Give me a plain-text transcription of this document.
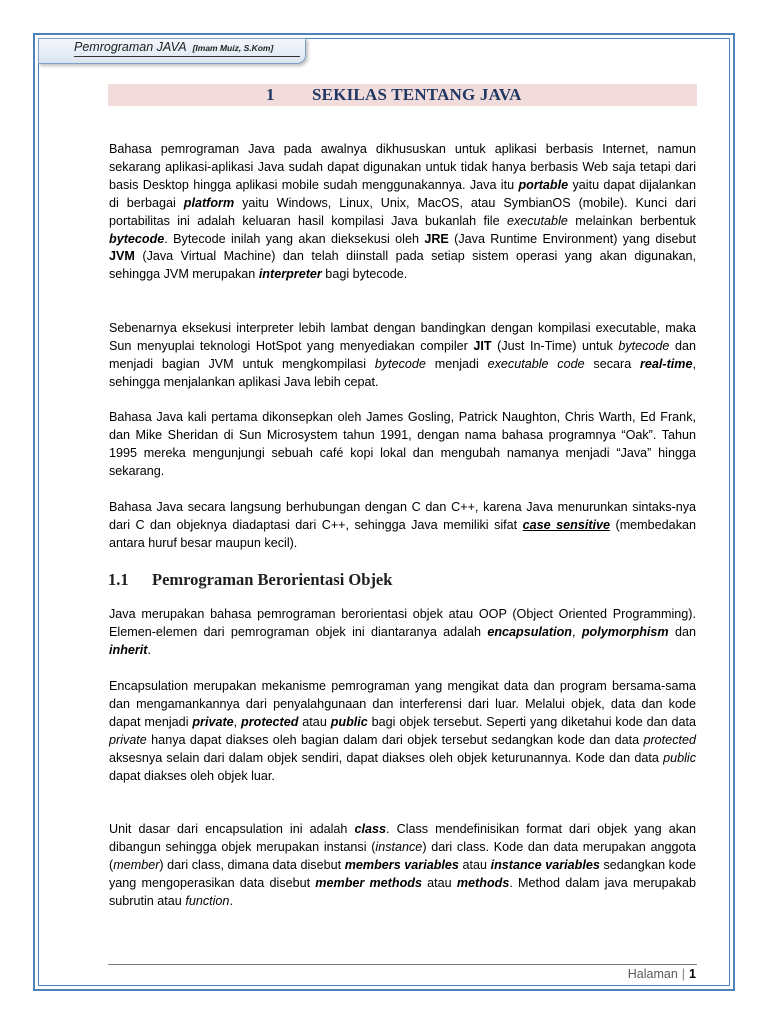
Pemrograman JAVA [Imam Muiz, S.Kom]
1 SEKILAS TENTANG JAVA

Bahasa pemrograman Java pada awalnya dikhususkan untuk aplikasi berbasis Internet, namun sekarang aplikasi-aplikasi Java sudah dapat digunakan untuk tidak hanya berbasis Web saja tetapi dari basis Desktop hingga aplikasi mobile sudah menggunakannya. Java itu portable yaitu dapat dijalankan di berbagai platform yaitu Windows, Linux, Unix, MacOS, atau SymbianOS (mobile). Kunci dari portabilitas ini adalah keluaran hasil kompilasi Java bukanlah file executable melainkan berbentuk bytecode. Bytecode inilah yang akan dieksekusi oleh JRE (Java Runtime Environment) yang disebut JVM (Java Virtual Machine) dan telah diinstall pada setiap sistem operasi yang akan digunakan, sehingga JVM merupakan interpreter bagi bytecode.

Sebenarnya eksekusi interpreter lebih lambat dengan bandingkan dengan kompilasi executable, maka Sun menyuplai teknologi HotSpot yang menyediakan compiler JIT (Just In-Time) untuk bytecode dan menjadi bagian JVM untuk mengkompilasi bytecode menjadi executable code secara real-time, sehingga menjalankan aplikasi Java lebih cepat.

Bahasa Java kali pertama dikonsepkan oleh James Gosling, Patrick Naughton, Chris Warth, Ed Frank, dan Mike Sheridan di Sun Microsystem tahun 1991, dengan nama bahasa programnya “Oak”. Tahun 1995 mereka mengunjungi sebuah café kopi lokal dan mengubah namanya menjadi “Java” hingga sekarang.

Bahasa Java secara langsung berhubungan dengan C dan C++, karena Java menurunkan sintaks-nya dari C dan objeknya diadaptasi dari C++, sehingga Java memiliki sifat case sensitive (membedakan antara huruf besar maupun kecil).

1.1 Pemrograman Berorientasi Objek

Java merupakan bahasa pemrograman berorientasi objek atau OOP (Object Oriented Programming). Elemen-elemen dari pemrograman objek ini diantaranya adalah encapsulation, polymorphism dan inherit.

Encapsulation merupakan mekanisme pemrograman yang mengikat data dan program bersama-sama dan mengamankannya dari penyalahgunaan dan interferensi dari luar. Melalui objek, data dan kode dapat menjadi private, protected atau public bagi objek tersebut. Seperti yang diketahui kode dan data private hanya dapat diakses oleh bagian dalam dari objek tersebut sedangkan kode dan data protected aksesnya selain dari dalam objek sendiri, dapat diakses oleh objek keturunannya. Kode dan data public dapat diakses oleh objek luar.

Unit dasar dari encapsulation ini adalah class. Class mendefinisikan format dari objek yang akan dibangun sehingga objek merupakan instansi (instance) dari class. Kode dan data merupakan anggota (member) dari class, dimana data disebut members variables atau instance variables sedangkan kode yang mengoperasikan data disebut member methods atau methods. Method dalam java merupakab subrutin atau function.

Halaman | 1
